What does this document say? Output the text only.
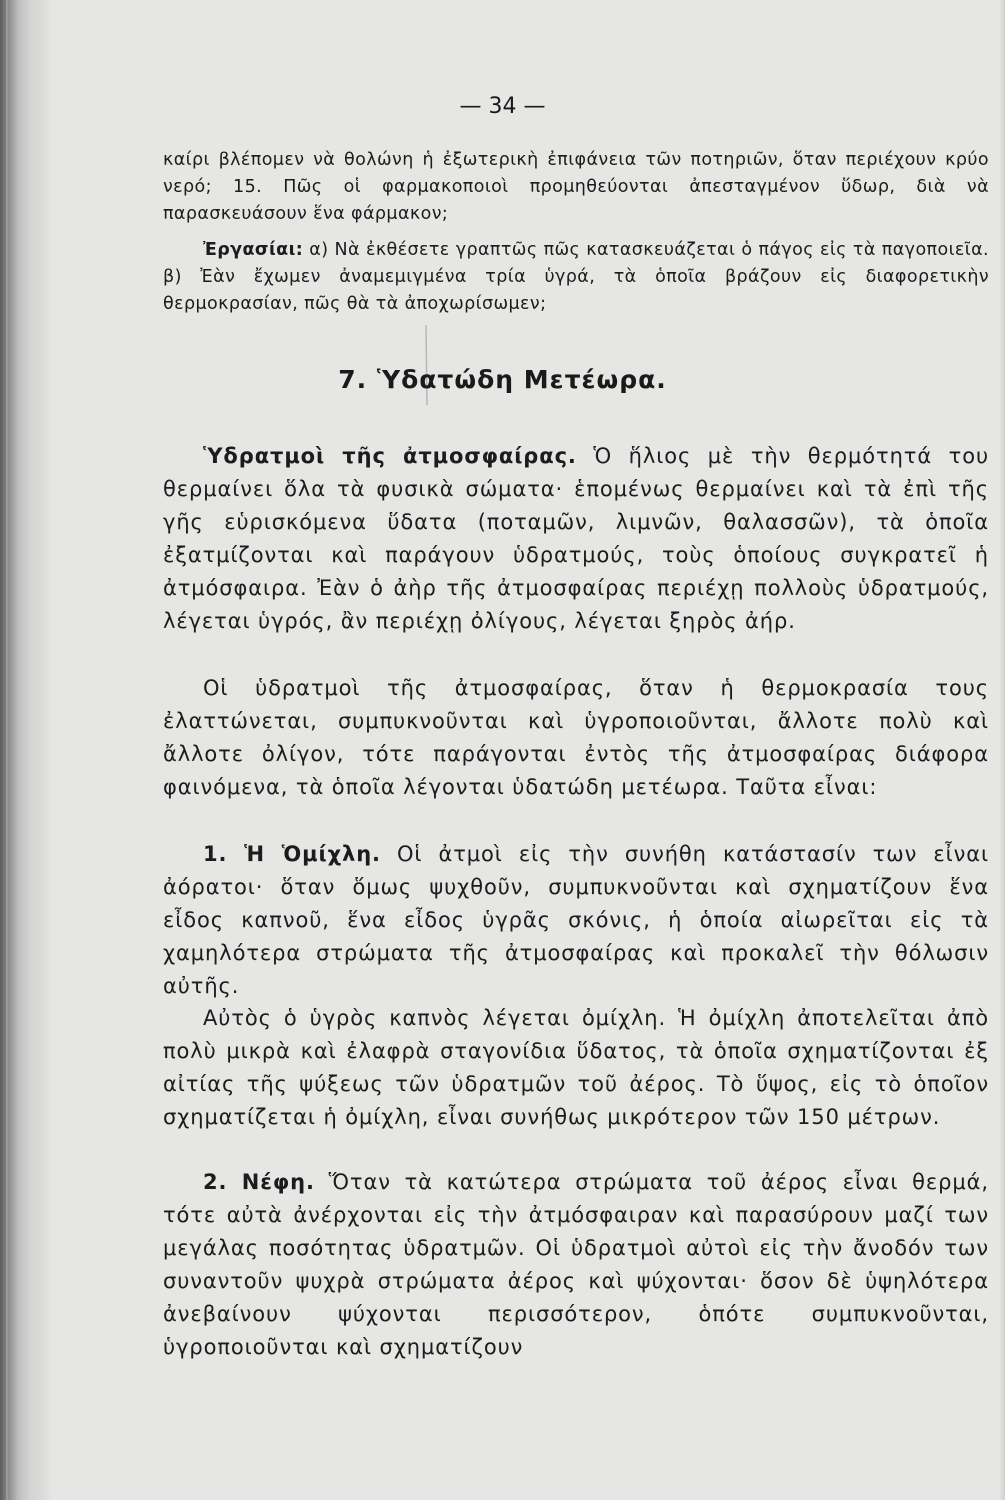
— 34 —
καίρι βλέπομεν νὰ θολώνη ἡ ἐξωτερικὴ ἐπιφάνεια τῶν ποτηριῶν, ὅταν περιέχουν κρύο νερό; 15. Πῶς οἱ φαρμακοποιοὶ προμηθεύονται ἀπεσταγμένον ὕδωρ, διὰ νὰ παρασκευάσουν ἕνα φάρμακον;
Ἐργασίαι: α) Νὰ ἐκθέσετε γραπτῶς πῶς κατασκευάζεται ὁ πάγος εἰς τὰ παγοποιεῖα. β) Ἐὰν ἔχωμεν ἀναμεμιγμένα τρία ὑγρά, τὰ ὁποῖα βράζουν εἰς διαφορετικὴν θερμοκρασίαν, πῶς θὰ τὰ ἀποχωρίσωμεν;
7. Ὑδατώδη Μετέωρα.
Ὑδρατμοὶ τῆς ἀτμοσφαίρας. Ὁ ἥλιος μὲ τὴν θερμότητά του θερμαίνει ὅλα τὰ φυσικὰ σώματα· ἑπομένως θερμαίνει καὶ τὰ ἐπὶ τῆς γῆς εὑρισκόμενα ὕδατα (ποταμῶν, λιμνῶν, θαλασσῶν), τὰ ὁποῖα ἐξατμίζονται καὶ παράγουν ὑδρατμούς, τοὺς ὁποίους συγκρατεῖ ἡ ἀτμόσφαιρα. Ἐὰν ὁ ἀὴρ τῆς ἀτμοσφαίρας περιέχῃ πολλοὺς ὑδρατμούς, λέγεται ὑγρός, ἂν περιέχῃ ὀλίγους, λέγεται ξηρὸς ἀήρ.
Οἱ ὑδρατμοὶ τῆς ἀτμοσφαίρας, ὅταν ἡ θερμοκρασία τους ἐλαττώνεται, συμπυκνοῦνται καὶ ὑγροποιοῦνται, ἄλλοτε πολὺ καὶ ἄλλοτε ὀλίγον, τότε παράγονται ἐντὸς τῆς ἀτμοσφαίρας διάφορα φαινόμενα, τὰ ὁποῖα λέγονται ὑδατώδη μετέωρα. Ταῦτα εἶναι:
1. Ἡ Ὁμίχλη. Οἱ ἀτμοὶ εἰς τὴν συνήθη κατάστασίν των εἶναι ἀόρατοι· ὅταν ὅμως ψυχθοῦν, συμπυκνοῦνται καὶ σχηματίζουν ἕνα εἶδος καπνοῦ, ἕνα εἶδος ὑγρᾶς σκόνις, ἡ ὁποία αἰωρεῖται εἰς τὰ χαμηλότερα στρώματα τῆς ἀτμοσφαίρας καὶ προκαλεῖ τὴν θόλωσιν αὐτῆς.
Αὐτὸς ὁ ὑγρὸς καπνὸς λέγεται ὀμίχλη. Ἡ ὀμίχλη ἀποτελεῖται ἀπὸ πολὺ μικρὰ καὶ ἐλαφρὰ σταγονίδια ὕδατος, τὰ ὁποῖα σχηματίζονται ἐξ αἰτίας τῆς ψύξεως τῶν ὑδρατμῶν τοῦ ἀέρος. Τὸ ὕψος, εἰς τὸ ὁποῖον σχηματίζεται ἡ ὀμίχλη, εἶναι συνήθως μικρότερον τῶν 150 μέτρων.
2. Νέφη. Ὅταν τὰ κατώτερα στρώματα τοῦ ἀέρος εἶναι θερμά, τότε αὐτὰ ἀνέρχονται εἰς τὴν ἀτμόσφαιραν καὶ παρασύρουν μαζί των μεγάλας ποσότητας ὑδρατμῶν. Οἱ ὑδρατμοὶ αὐτοὶ εἰς τὴν ἄνοδόν των συναντοῦν ψυχρὰ στρώματα ἀέρος καὶ ψύχονται· ὅσον δὲ ὑψηλότερα ἀνεβαίνουν ψύχονται περισσότερον, ὁπότε συμπυκνοῦνται, ὑγροποιοῦνται καὶ σχηματίζουν
